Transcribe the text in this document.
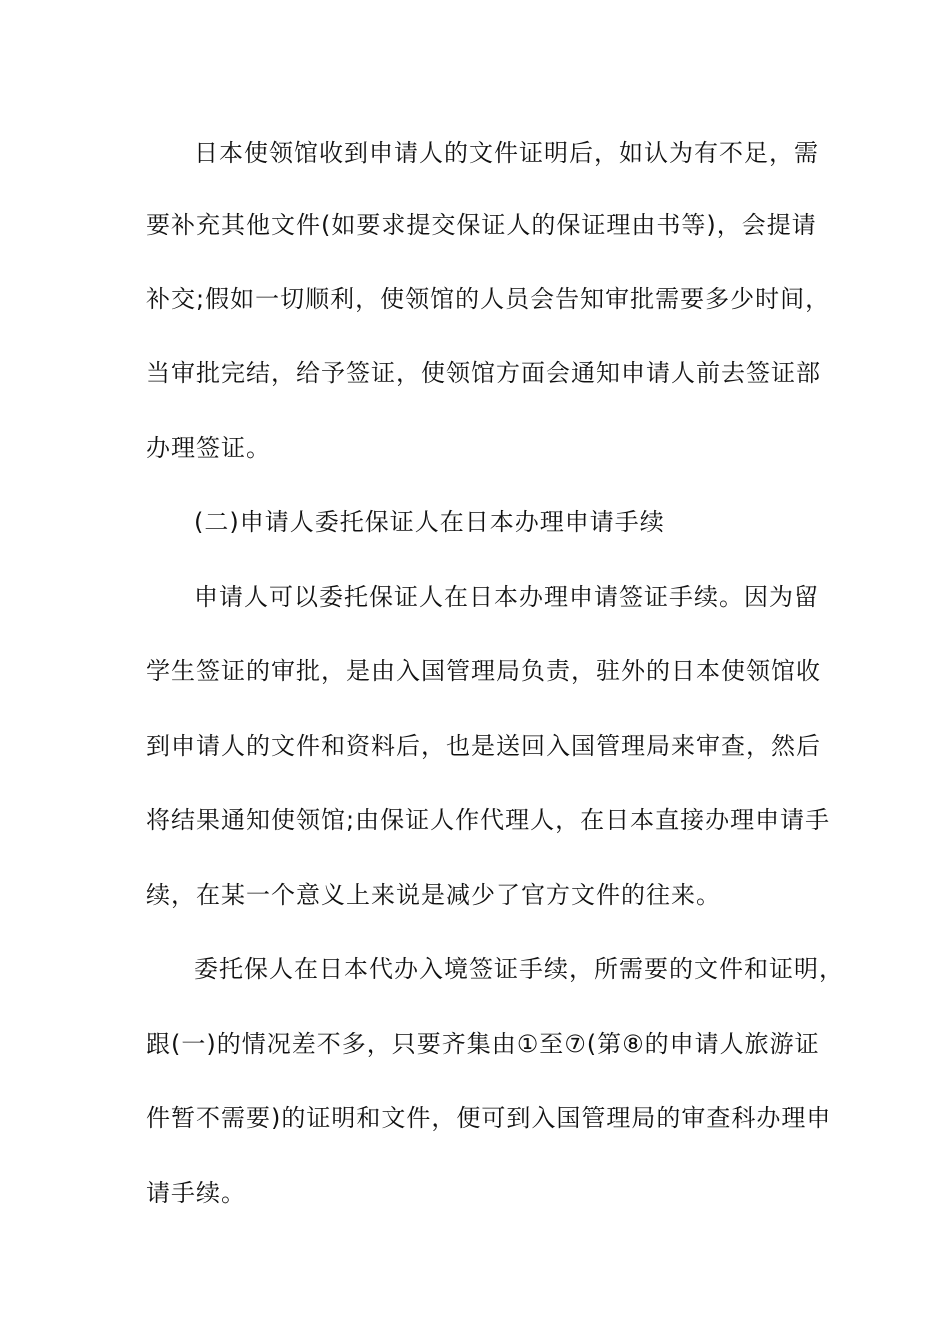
日本使领馆收到申请人的文件证明后，如认为有不足，需
要补充其他文件(如要求提交保证人的保证理由书等)，会提请
补交;假如一切顺利，使领馆的人员会告知审批需要多少时间，
当审批完结，给予签证，使领馆方面会通知申请人前去签证部
办理签证。
(二)申请人委托保证人在日本办理申请手续
申请人可以委托保证人在日本办理申请签证手续。因为留
学生签证的审批，是由入国管理局负责，驻外的日本使领馆收
到申请人的文件和资料后，也是送回入国管理局来审查，然后
将结果通知使领馆;由保证人作代理人，在日本直接办理申请手
续，在某一个意义上来说是减少了官方文件的往来。
委托保人在日本代办入境签证手续，所需要的文件和证明，
跟(一)的情况差不多，只要齐集由①至⑦(第⑧的申请人旅游证
件暂不需要)的证明和文件，便可到入国管理局的审查科办理申
请手续。
